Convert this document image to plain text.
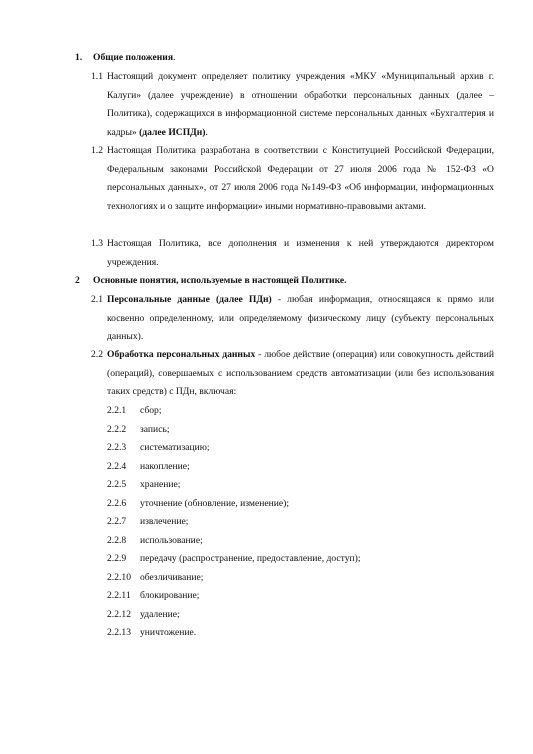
1. Общие положения.
1.1 Настоящий документ определяет политику учреждения «МКУ «Муниципальный архив г. Калуги» (далее учреждение) в отношении обработки персональных данных (далее – Политика), содержащихся в информационной системе персональных данных «Бухгалтерия и кадры» (далее ИСПДн).
1.2 Настоящая Политика разработана в соответствии с Конституцией Российской Федерации, Федеральным законами Российской Федерации от 27 июля 2006 года № 152-ФЗ «О персональных данных», от 27 июля 2006 года №149-ФЗ «Об информации, информационных технологиях и о защите информации» иными нормативно-правовыми актами.
1.3 Настоящая Политика, все дополнения и изменения к ней утверждаются директором учреждения.
2 Основные понятия, используемые в настоящей Политике.
2.1 Персональные данные (далее ПДн) - любая информация, относящаяся к прямо или косвенно определенному, или определяемому физическому лицу (субъекту персональных данных).
2.2 Обработка персональных данных - любое действие (операция) или совокупность действий (операций), совершаемых с использованием средств автоматизации (или без использования таких средств) с ПДн, включая:
2.2.1 сбор;
2.2.2 запись;
2.2.3 систематизацию;
2.2.4 накопление;
2.2.5 хранение;
2.2.6 уточнение (обновление, изменение);
2.2.7 извлечение;
2.2.8 использование;
2.2.9 передачу (распространение, предоставление, доступ);
2.2.10 обезличивание;
2.2.11 блокирование;
2.2.12 удаление;
2.2.13 уничтожение.
